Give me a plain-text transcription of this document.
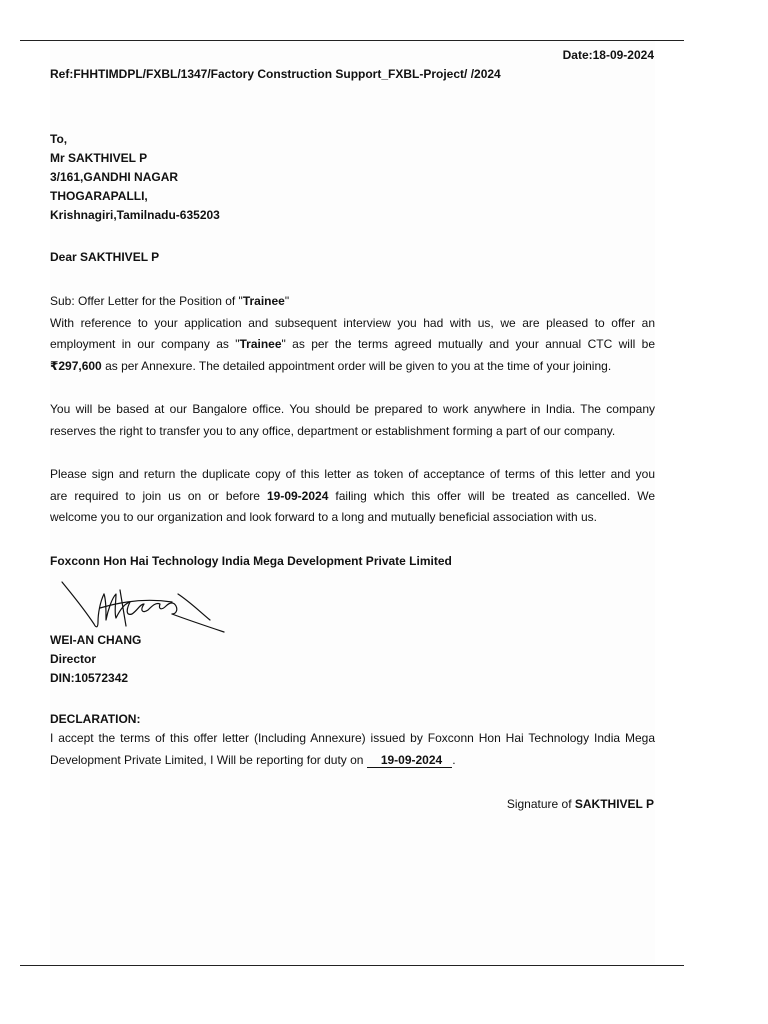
Date:18-09-2024
Ref:FHHTIMDPL/FXBL/1347/Factory Construction Support_FXBL-Project/ /2024
To,
Mr SAKTHIVEL P
3/161,GANDHI NAGAR
THOGARAPALLI,
Krishnagiri,Tamilnadu-635203
Dear SAKTHIVEL P
Sub: Offer Letter for the Position of "Trainee"
With reference to your application and subsequent interview you had with us, we are pleased to offer an
employment in our company as "Trainee" as per the terms agreed mutually and your annual CTC will be
₹297,600 as per Annexure. The detailed appointment order will be given to you at the time of your joining.
You will be based at our Bangalore office. You should be prepared to work anywhere in India. The company
reserves the right to transfer you to any office, department or establishment forming a part of our company.
Please sign and return the duplicate copy of this letter as token of acceptance of terms of this letter and you
are required to join us on or before 19-09-2024 failing which this offer will be treated as cancelled. We
welcome you to our organization and look forward to a long and mutually beneficial association with us.
Foxconn Hon Hai Technology India Mega Development Private Limited
WEI-AN CHANG
Director
DIN:10572342
DECLARATION:
I accept the terms of this offer letter (Including Annexure) issued by Foxconn Hon Hai Technology India Mega
Development Private Limited, I Will be reporting for duty on 19-09-2024 .
Signature of SAKTHIVEL P
